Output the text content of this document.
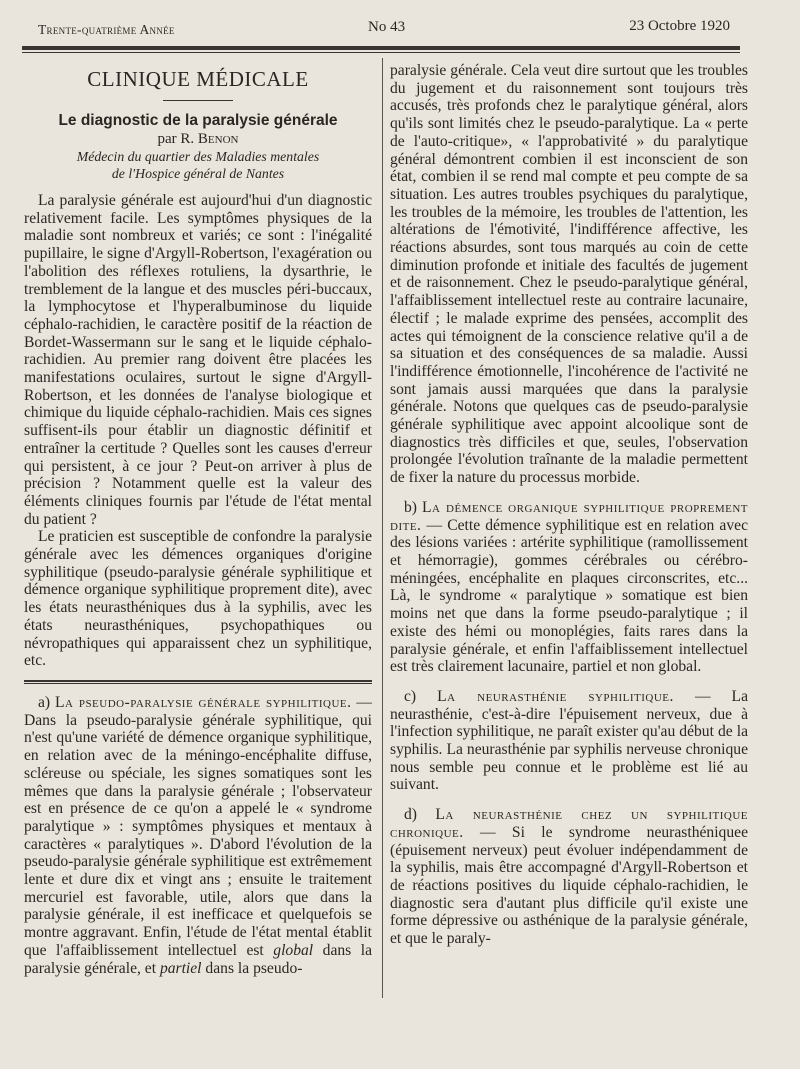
Trente-quatrième Année	No 43	23 Octobre 1920
CLINIQUE MÉDICALE
Le diagnostic de la paralysie générale
par R. Benon
Médecin du quartier des Maladies mentales
de l'Hospice général de Nantes

La paralysie générale est aujourd'hui d'un diagnostic relativement facile. Les symptômes physiques de la maladie sont nombreux et variés; ce sont : l'inégalité pupillaire, le signe d'Argyll-Robertson, l'exagération ou l'abolition des réflexes rotuliens, la dysarthrie, le tremblement de la langue et des muscles péri-buccaux, la lymphocytose et l'hyperalbuminose du liquide céphalo-rachidien, le caractère positif de la réaction de Bordet-Wassermann sur le sang et le liquide céphalo-rachidien. Au premier rang doivent être placées les manifestations oculaires, surtout le signe d'Argyll-Robertson, et les données de l'analyse biologique et chimique du liquide céphalo-rachidien. Mais ces signes suffisent-ils pour établir un diagnostic définitif et entraîner la certitude ? Quelles sont les causes d'erreur qui persistent, à ce jour ? Peut-on arriver à plus de précision ? Notamment quelle est la valeur des éléments cliniques fournis par l'étude de l'état mental du patient ?

Le praticien est susceptible de confondre la paralysie générale avec les démences organiques d'origine syphilitique (pseudo-paralysie générale syphilitique et démence organique syphilitique proprement dite), avec les états neurasthéniques dus à la syphilis, avec les états neurasthéniques, psychopathiques ou névropathiques qui apparaissent chez un syphilitique, etc.

a) La pseudo-paralysie générale syphilitique. — Dans la pseudo-paralysie générale syphilitique, qui n'est qu'une variété de démence organique syphilitique, en relation avec de la méningo-encéphalite diffuse, scléreuse ou spéciale, les signes somatiques sont les mêmes que dans la paralysie générale ; l'observateur est en présence de ce qu'on a appelé le « syndrome paralytique » : symptômes physiques et mentaux à caractères « paralytiques ». D'abord l'évolution de la pseudo-paralysie générale syphilitique est extrêmement lente et dure dix et vingt ans ; ensuite le traitement mercuriel est favorable, utile, alors que dans la paralysie générale, il est inefficace et quelquefois se montre aggravant. Enfin, l'étude de l'état mental établit que l'affaiblissement intellectuel est global dans la paralysie générale, et partiel dans la pseudo-

paralysie générale. Cela veut dire surtout que les troubles du jugement et du raisonnement sont toujours très accusés, très profonds chez le paralytique général, alors qu'ils sont limités chez le pseudo-paralytique. La « perte de l'auto-critique», « l'approbativité » du paralytique général démontrent combien il est inconscient de son état, combien il se rend mal compte et peu compte de sa situation. Les autres troubles psychiques du paralytique, les troubles de la mémoire, les troubles de l'attention, les altérations de l'émotivité, l'indifférence affective, les réactions absurdes, sont tous marqués au coin de cette diminution profonde et initiale des facultés de jugement et de raisonnement. Chez le pseudo-paralytique général, l'affaiblissement intellectuel reste au contraire lacunaire, électif ; le malade exprime des pensées, accomplit des actes qui témoignent de la conscience relative qu'il a de sa situation et des conséquences de sa maladie. Aussi l'indifférence émotionnelle, l'incohérence de l'activité ne sont jamais aussi marquées que dans la paralysie générale. Notons que quelques cas de pseudo-paralysie générale syphilitique avec appoint alcoolique sont de diagnostics très difficiles et que, seules, l'observation prolongée l'évolution traînante de la maladie permettent de fixer la nature du processus morbide.

b) La démence organique syphilitique proprement dite. — Cette démence syphilitique est en relation avec des lésions variées : artérite syphilitique (ramollissement et hémorragie), gommes cérébrales ou cérébro-méningées, encéphalite en plaques circonscrites, etc... Là, le syndrome « paralytique » somatique est bien moins net que dans la forme pseudo-paralytique ; il existe des hémi ou monoplégies, faits rares dans la paralysie générale, et enfin l'affaiblissement intellectuel est très clairement lacunaire, partiel et non global.

c) La neurasthénie syphilitique. — La neurasthénie, c'est-à-dire l'épuisement nerveux, due à l'infection syphilitique, ne paraît exister qu'au début de la syphilis. La neurasthénie par syphilis nerveuse chronique nous semble peu connue et le problème est lié au suivant.

d) La neurasthénie chez un syphilitique chronique. — Si le syndrome neurasthéniquee (épuisement nerveux) peut évoluer indépendamment de la syphilis, mais être accompagné d'Argyll-Robertson et de réactions positives du liquide céphalo-rachidien, le diagnostic sera d'autant plus difficile qu'il existe une forme dépressive ou asthénique de la paralysie générale, et que le paraly-
